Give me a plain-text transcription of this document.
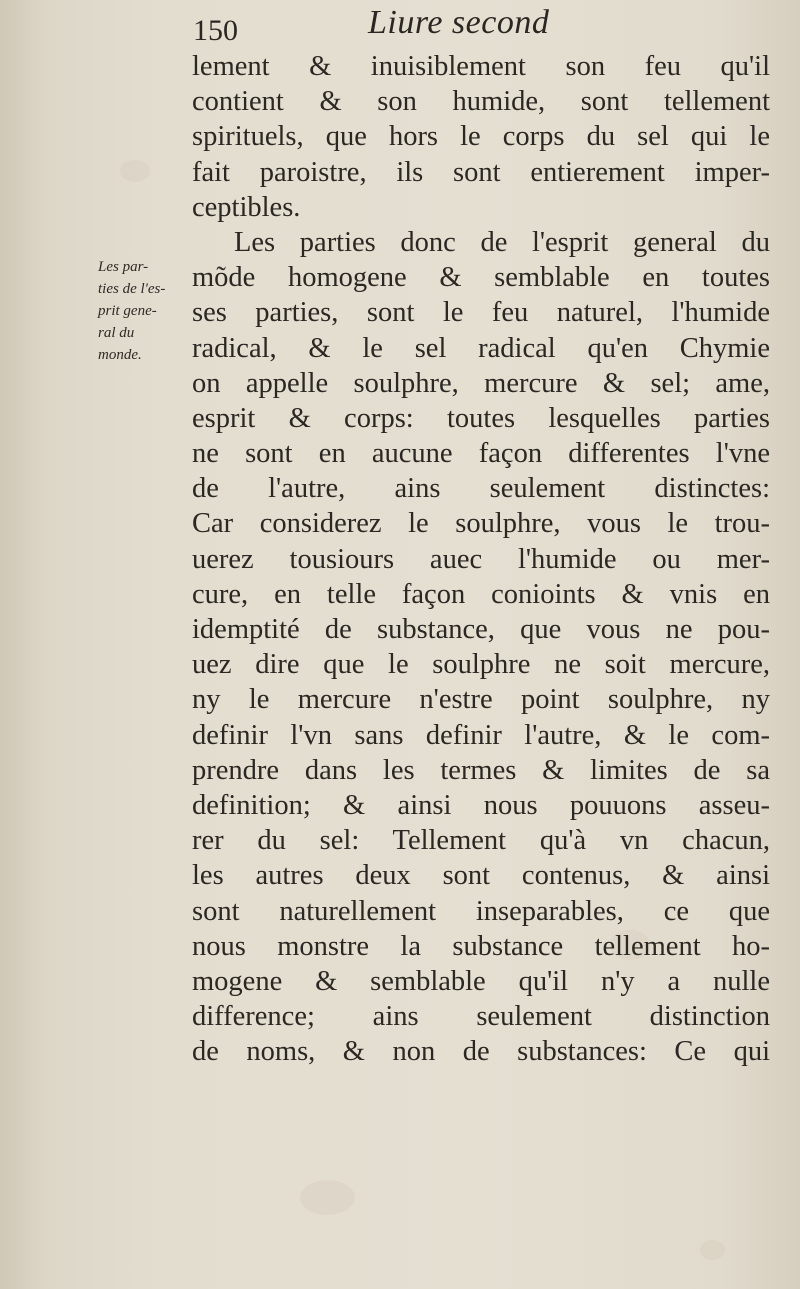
150	Liure second
Les par-
ties de l'es-
prit gene-
ral du
monde.
lement & inuisiblement son feu qu'il
contient & son humide, sont tellement
spirituels, que hors le corps du sel qui le
fait paroistre, ils sont entierement imper-
ceptibles.
Les parties donc de l'esprit general du
mõde homogene & semblable en toutes
ses parties, sont le feu naturel, l'humide
radical, & le sel radical qu'en Chymie
on appelle soulphre, mercure & sel; ame,
esprit & corps: toutes lesquelles parties
ne sont en aucune façon differentes l'vne
de l'autre, ains seulement distinctes:
Car considerez le soulphre, vous le trou-
uerez tousiours auec l'humide ou mer-
cure, en telle façon conioints & vnis en
idemptité de substance, que vous ne pou-
uez dire que le soulphre ne soit mercure,
ny le mercure n'estre point soulphre, ny
definir l'vn sans definir l'autre, & le com-
prendre dans les termes & limites de sa
definition; & ainsi nous pouuons asseu-
rer du sel: Tellement qu'à vn chacun,
les autres deux sont contenus, & ainsi
sont naturellement inseparables, ce que
nous monstre la substance tellement ho-
mogene & semblable qu'il n'y a nulle
difference; ains seulement distinction
de noms, & non de substances: Ce qui
